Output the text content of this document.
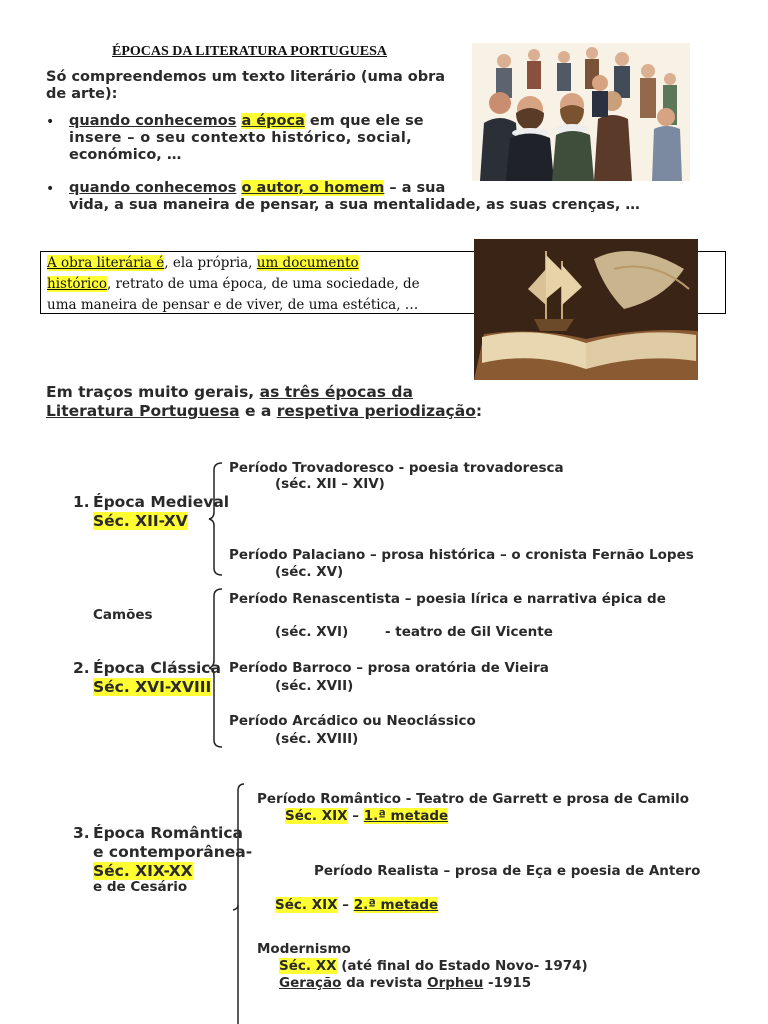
ÉPOCAS DA LITERATURA PORTUGUESA
Só compreendemos um texto literário (uma obra
de arte):
• quando conhecemos a época em que ele se
insere – o seu contexto histórico, social,
económico, …
• quando conhecemos o autor, o homem – a sua
vida, a sua maneira de pensar, a sua mentalidade, as suas crenças, …
A obra literária é, ela própria, um documento
histórico, retrato de uma época, de uma sociedade, de
uma maneira de pensar e de viver, de uma estética, …
Em traços muito gerais, as três épocas da
Literatura Portuguesa e a respetiva periodização:
1. Época Medieval
Séc. XII-XV
Período Trovadoresco - poesia trovadoresca
(séc. XII – XIV)
Período Palaciano – prosa histórica – o cronista Fernão Lopes
(séc. XV)
Período Renascentista – poesia lírica e narrativa épica de
Camões
(séc. XVI)	- teatro de Gil Vicente
2. Época Clássica
Séc. XVI-XVIII
Período Barroco – prosa oratória de Vieira
(séc. XVII)
Período Arcádico ou Neoclássico
(séc. XVIII)
Período Romântico - Teatro de Garrett e prosa de Camilo
Séc. XIX – 1.ª metade
3. Época Romântica
e contemporânea-
Séc. XIX-XX
e de Cesário
Período Realista – prosa de Eça e poesia de Antero
Séc. XIX – 2.ª metade
Modernismo
Séc. XX (até final do Estado Novo- 1974)
Geração da revista Orpheu -1915
